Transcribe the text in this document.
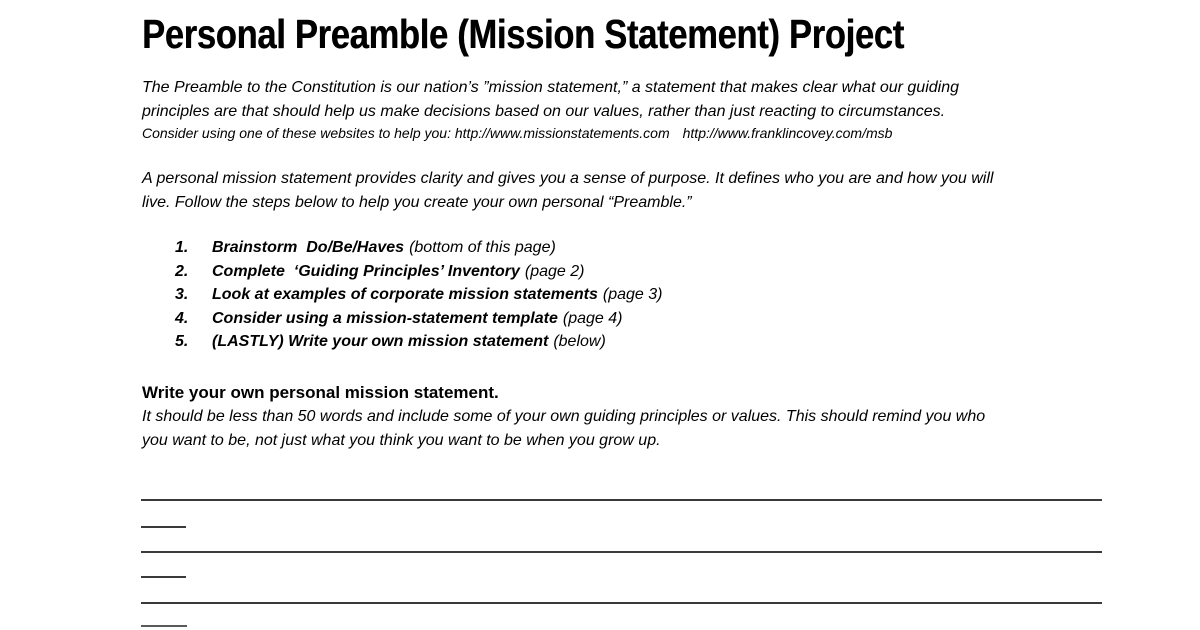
Personal Preamble (Mission Statement) Project
The Preamble to the Constitution is our nation’s ”mission statement,” a statement that makes clear what our guiding
principles are that should help us make decisions based on our values, rather than just reacting to circumstances.
Consider using one of these websites to help you: http://www.missionstatements.com http://www.franklincovey.com/msb
A personal mission statement provides clarity and gives you a sense of purpose. It defines who you are and how you will
live. Follow the steps below to help you create your own personal “Preamble.”
1. Brainstorm  Do/Be/Haves (bottom of this page)
2. Complete  ‘Guiding Principles’ Inventory (page 2)
3. Look at examples of corporate mission statements (page 3)
4. Consider using a mission-statement template (page 4)
5. (LASTLY) Write your own mission statement (below)
Write your own personal mission statement.
It should be less than 50 words and include some of your own guiding principles or values. This should remind you who
you want to be, not just what you think you want to be when you grow up.
